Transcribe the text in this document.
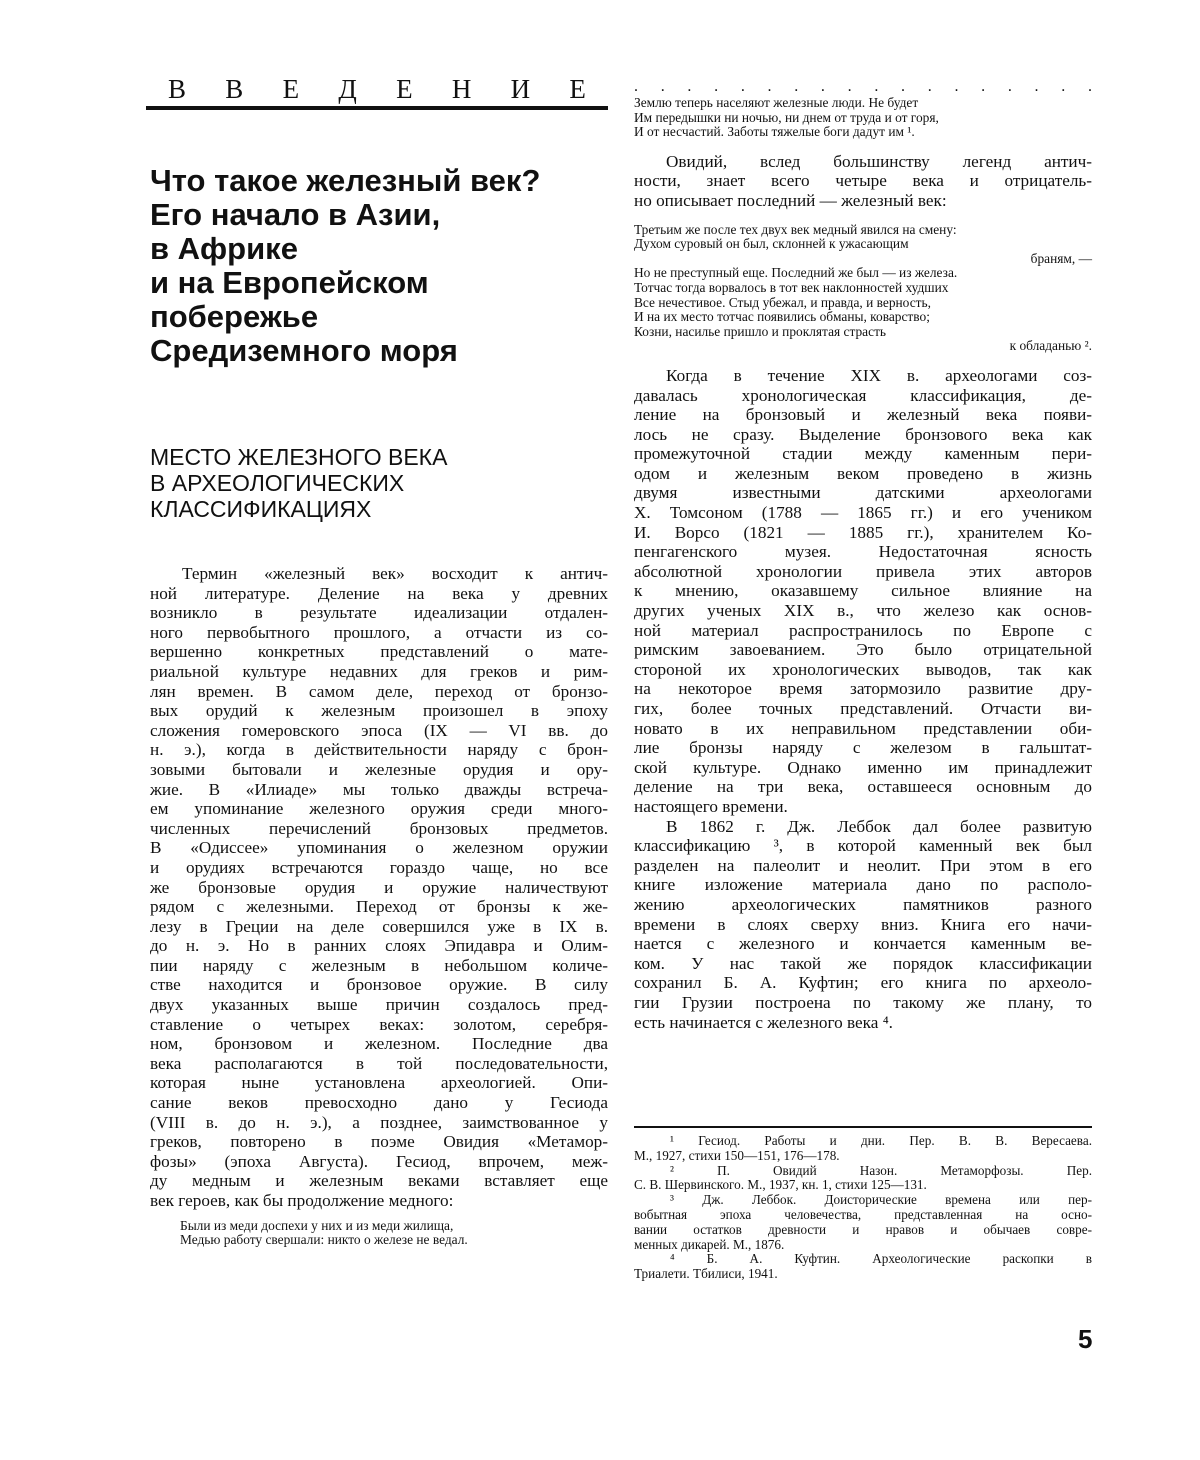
В В Е Д Е Н И Е
Что такое железный век?
Его начало в Азии,
в Африке
и на Европейском
побережье
Средиземного моря
МЕСТО ЖЕЛЕЗНОГО ВЕКА
В АРХЕОЛОГИЧЕСКИХ
КЛАССИФИКАЦИЯХ
Термин «железный век» восходит к антич-
ной литературе. Деление на века у древних
возникло в результате идеализации отдален-
ного первобытного прошлого, а отчасти из со-
вершенно конкретных представлений о мате-
риальной культуре недавних для греков и рим-
лян времен. В самом деле, переход от бронзо-
вых орудий к железным произошел в эпоху
сложения гомеровского эпоса (IX — VI вв. до
н. э.), когда в действительности наряду с брон-
зовыми бытовали и железные орудия и ору-
жие. В «Илиаде» мы только дважды встреча-
ем упоминание железного оружия среди много-
численных перечислений бронзовых предметов.
В «Одиссее» упоминания о железном оружии
и орудиях встречаются гораздо чаще, но все
же бронзовые орудия и оружие наличествуют
рядом с железными. Переход от бронзы к же-
лезу в Греции на деле совершился уже в IX в.
до н. э. Но в ранних слоях Эпидавра и Олим-
пии наряду с железным в небольшом количе-
стве находится и бронзовое оружие. В силу
двух указанных выше причин создалось пред-
ставление о четырех веках: золотом, серебря-
ном, бронзовом и железном. Последние два
века располагаются в той последовательности,
которая ныне установлена археологией. Опи-
сание веков превосходно дано у Гесиода
(VIII в. до н. э.), а позднее, заимствованное у
греков, повторено в поэме Овидия «Метамор-
фозы» (эпоха Августа). Гесиод, впрочем, меж-
ду медным и железным веками вставляет еще
век героев, как бы продолжение медного:
Были из меди доспехи у них и из меди жилища,
Медью работу свершали: никто о железе не ведал.
. . . . . . . . . . . . . . . . . .
Землю теперь населяют железные люди. Не будет
Им передышки ни ночью, ни днем от труда и от горя,
И от несчастий. Заботы тяжелые боги дадут им ¹.
Овидий, вслед большинству легенд антич-
ности, знает всего четыре века и отрицатель-
но описывает последний — железный век:
Третьим же после тех двух век медный явился на смену:
Духом суровый он был, склонней к ужасающим
браням, —
Но не преступный еще. Последний же был — из железа.
Тотчас тогда ворвалось в тот век наклонностей худших
Все нечестивое. Стыд убежал, и правда, и верность,
И на их место тотчас появились обманы, коварство;
Козни, насилье пришло и проклятая страсть
к обладанью ².
Когда в течение XIX в. археологами соз-
давалась хронологическая классификация, де-
ление на бронзовый и железный века появи-
лось не сразу. Выделение бронзового века как
промежуточной стадии между каменным пери-
одом и железным веком проведено в жизнь
двумя известными датскими археологами
X. Томсоном (1788 — 1865 гг.) и его учеником
И. Ворсо (1821 — 1885 гг.), хранителем Ко-
пенгагенского музея. Недостаточная ясность
абсолютной хронологии привела этих авторов
к мнению, оказавшему сильное влияние на
других ученых XIX в., что железо как основ-
ной материал распространилось по Европе с
римским завоеванием. Это было отрицательной
стороной их хронологических выводов, так как
на некоторое время затормозило развитие дру-
гих, более точных представлений. Отчасти ви-
новато в их неправильном представлении оби-
лие бронзы наряду с железом в гальштат-
ской культуре. Однако именно им принадлежит
деление на три века, оставшееся основным до
настоящего времени.
В 1862 г. Дж. Леббок дал более развитую
классификацию ³, в которой каменный век был
разделен на палеолит и неолит. При этом в его
книге изложение материала дано по располо-
жению археологических памятников разного
времени в слоях сверху вниз. Книга его начи-
нается с железного и кончается каменным ве-
ком. У нас такой же порядок классификации
сохранил Б. А. Куфтин; его книга по археоло-
гии Грузии построена по такому же плану, то
есть начинается с железного века ⁴.
¹ Гесиод. Работы и дни. Пер. В. В. Вересаева.
М., 1927, стихи 150—151, 176—178.
² П. Овидий Назон. Метаморфозы. Пер.
С. В. Шервинского. М., 1937, кн. 1, стихи 125—131.
³ Дж. Леббок. Доисторические времена или пер-
вобытная эпоха человечества, представленная на осно-
вании остатков древности и нравов и обычаев совре-
менных дикарей. М., 1876.
⁴ Б. А. Куфтин. Археологические раскопки в
Триалети. Тбилиси, 1941.
5
